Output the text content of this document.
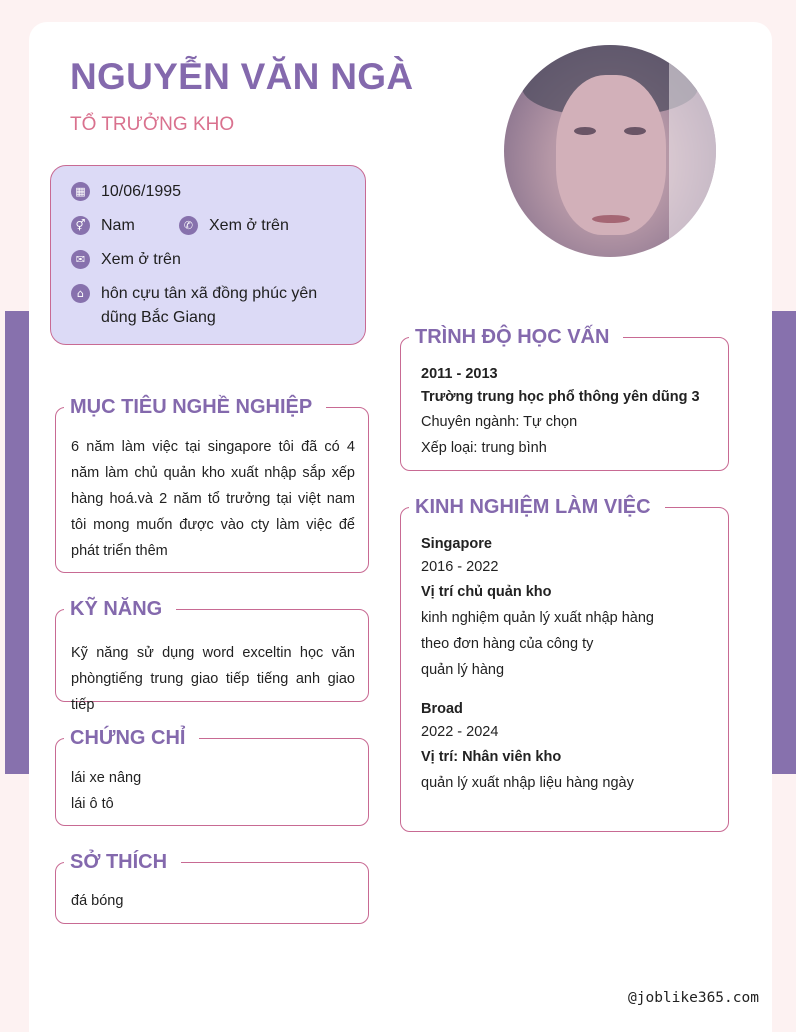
NGUYỄN VĂN NGÀ
TỔ TRƯỞNG KHO
▦ 10/06/1995
⚥ Nam	✆ Xem ở trên
✉ Xem ở trên
⌂	hôn cựu tân xã đồng phúc yên dũng Bắc Giang
6 năm làm việc tại singapore tôi đã có 4 năm làm chủ quản kho xuất nhập sắp xếp hàng hoá.và 2 năm tổ trưởng tại việt nam tôi mong muốn được vào cty làm việc để phát triển thêm
MỤC TIÊU NGHỀ NGHIỆP
Kỹ năng sử dụng word exceltin học văn phòngtiếng trung giao tiếp tiếng anh giao tiếp
KỸ NĂNG
lái xe nâng
lái ô tô
CHỨNG CHỈ
đá bóng
SỞ THÍCH
2011 - 2013
Trường trung học phổ thông yên dũng 3
Chuyên ngành: Tự chọn
Xếp loại: trung bình
TRÌNH ĐỘ HỌC VẤN
Singapore
2016 - 2022
Vị trí chủ quản kho
kinh nghiệm quản lý xuất nhập hàng
theo đơn hàng của công ty
quản lý hàng
Broad
2022 - 2024
Vị trí: Nhân viên kho
quản lý xuất nhập liệu hàng ngày
KINH NGHIỆM LÀM VIỆC
@joblike365.com
